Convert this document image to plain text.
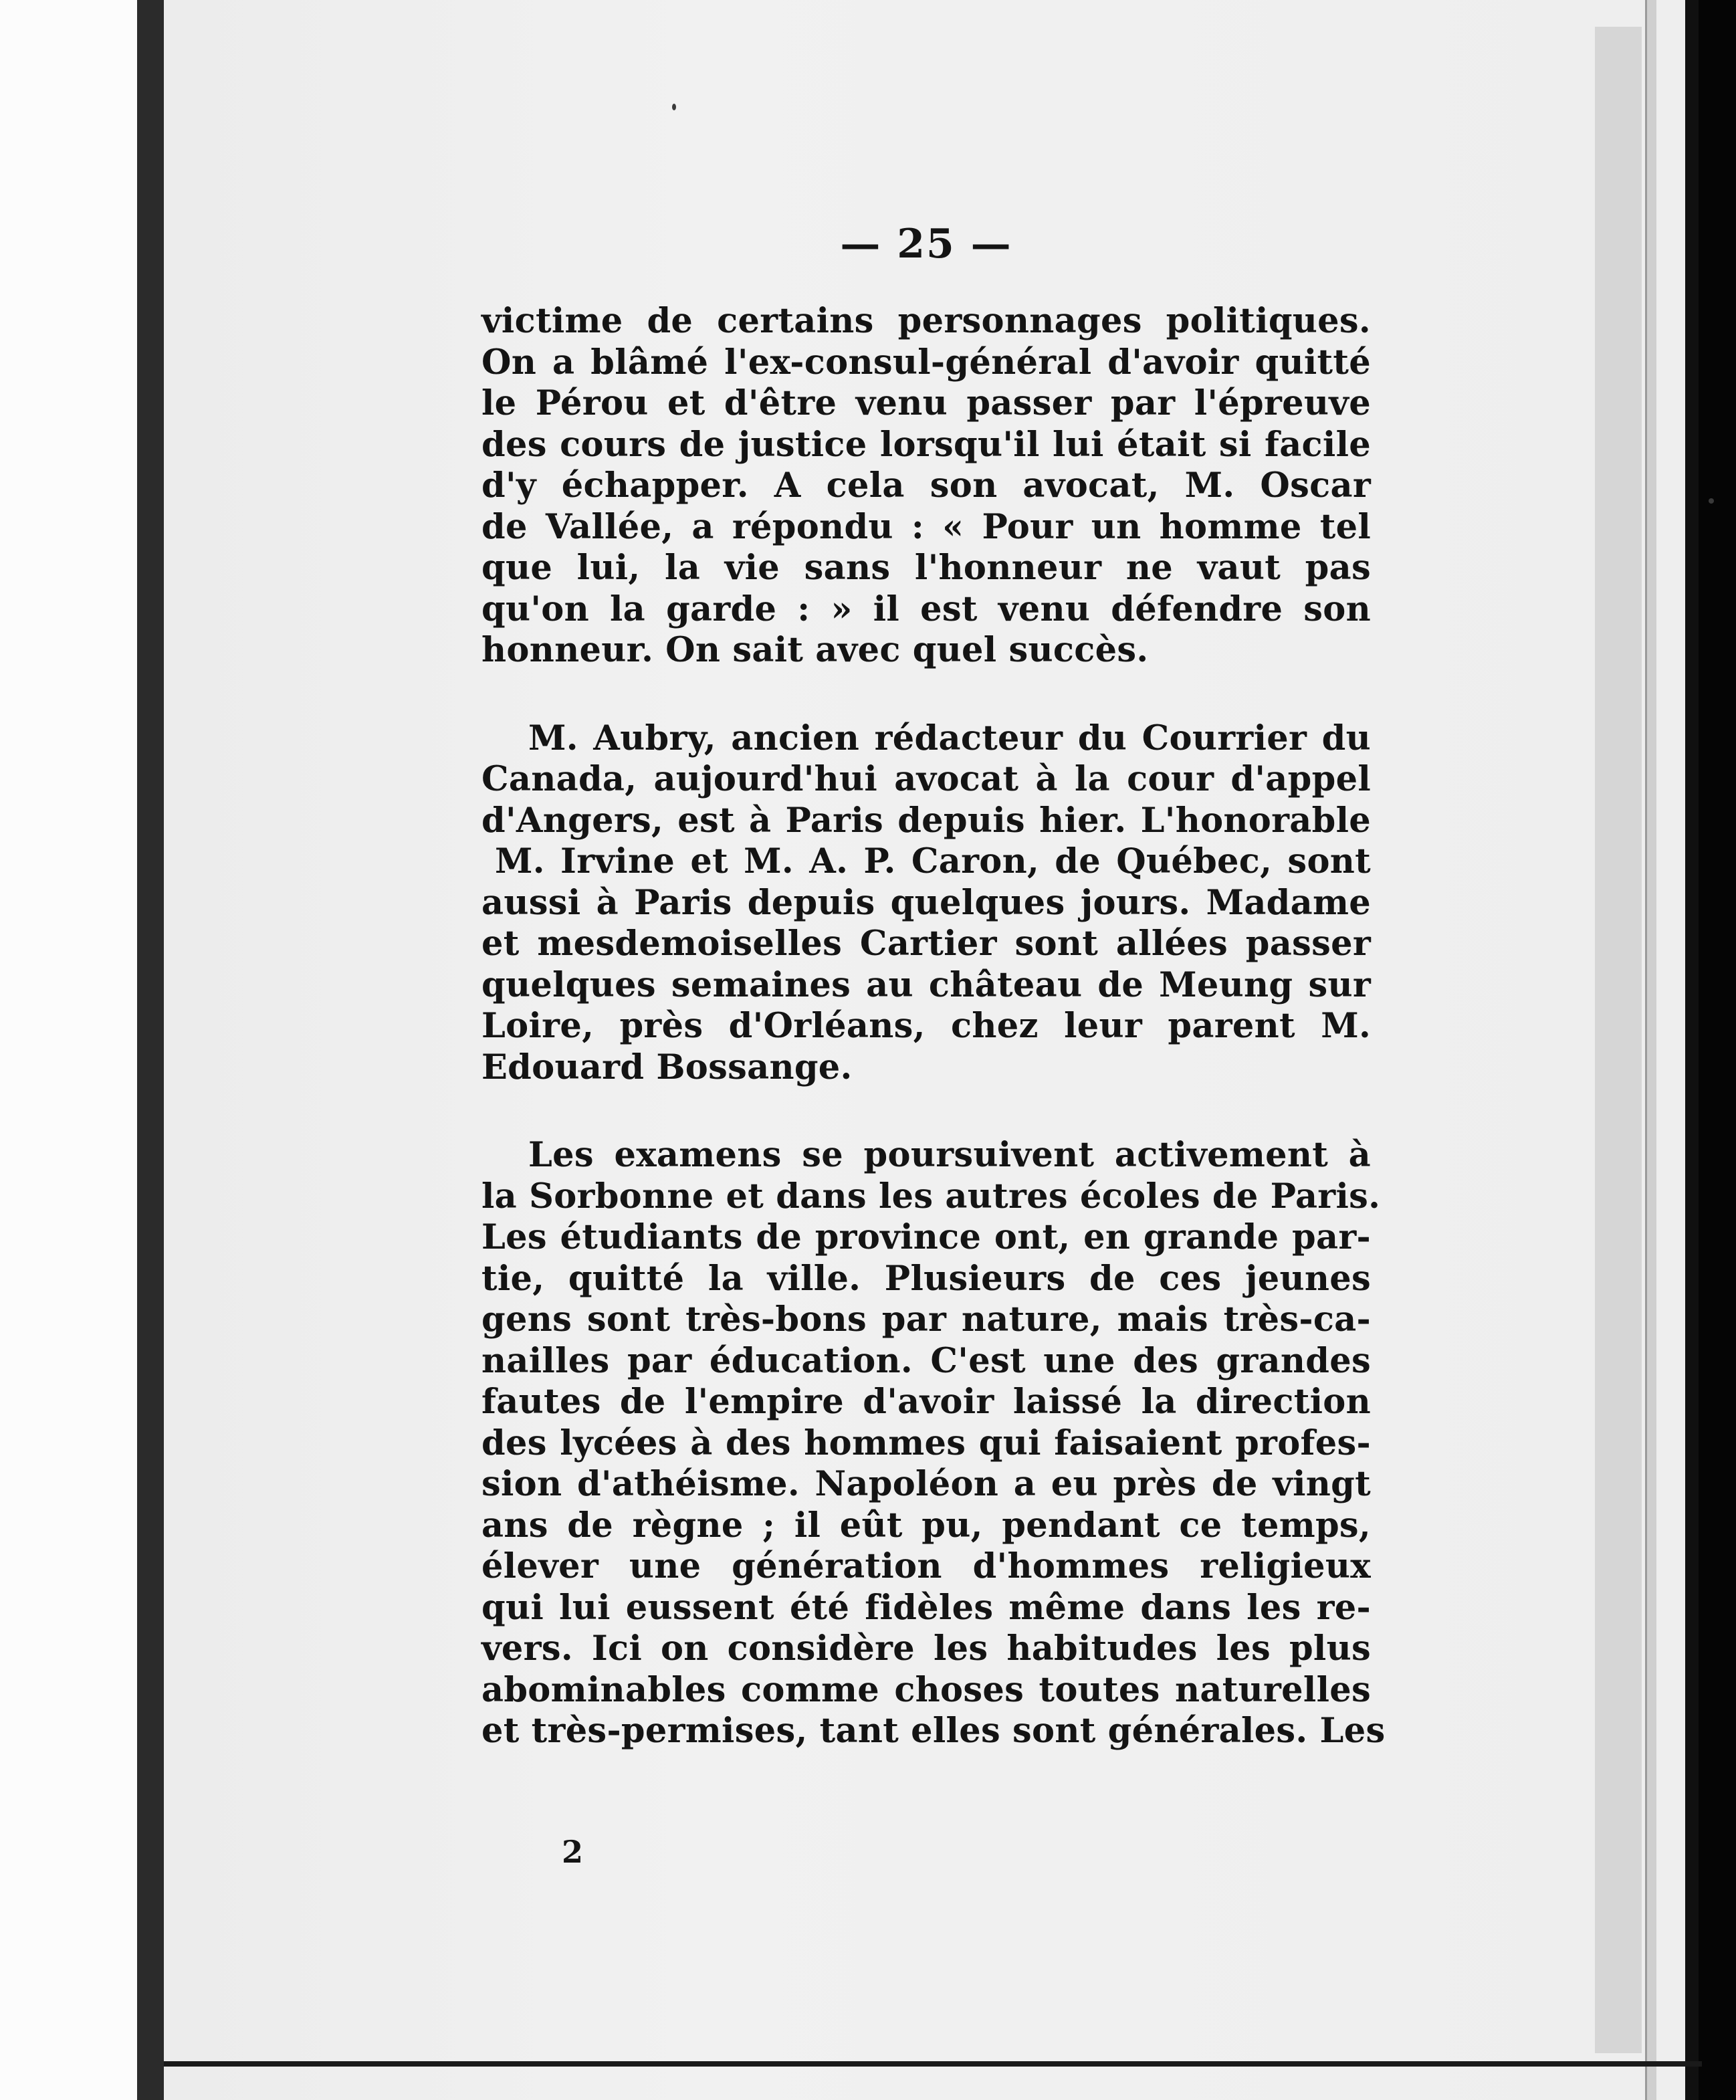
— 25 —
victime de certains personnages politiques.
On a blâmé l'ex-consul-général d'avoir quitté
le Pérou et d'être venu passer par l'épreuve
des cours de justice lorsqu'il lui était si facile
d'y échapper. A cela son avocat, M. Oscar
de Vallée, a répondu : « Pour un homme tel
que lui, la vie sans l'honneur ne vaut pas
qu'on la garde : » il est venu défendre son
honneur. On sait avec quel succès.
M. Aubry, ancien rédacteur du Courrier du
Canada, aujourd'hui avocat à la cour d'appel
d'Angers, est à Paris depuis hier. L'honorable
M. Irvine et M. A. P. Caron, de Québec, sont
aussi à Paris depuis quelques jours. Madame
et mesdemoiselles Cartier sont allées passer
quelques semaines au château de Meung sur
Loire, près d'Orléans, chez leur parent M.
Edouard Bossange.
Les examens se poursuivent activement à
la Sorbonne et dans les autres écoles de Paris.
Les étudiants de province ont, en grande par-
tie, quitté la ville. Plusieurs de ces jeunes
gens sont très-bons par nature, mais très-ca-
nailles par éducation. C'est une des grandes
fautes de l'empire d'avoir laissé la direction
des lycées à des hommes qui faisaient profes-
sion d'athéisme. Napoléon a eu près de vingt
ans de règne ; il eût pu, pendant ce temps,
élever une génération d'hommes religieux
qui lui eussent été fidèles même dans les re-
vers. Ici on considère les habitudes les plus
abominables comme choses toutes naturelles
et très-permises, tant elles sont générales. Les
2
